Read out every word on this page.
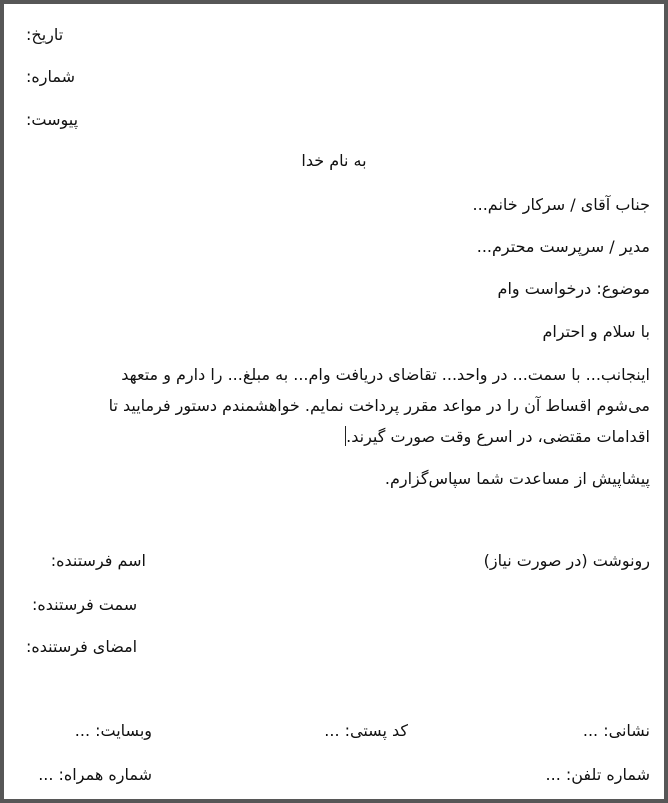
تاریخ:
شماره:
پیوست:
به نام خدا
جناب آقای / سرکار خانم...
مدیر / سرپرست محترم...
موضوع: درخواست وام
با سلام و احترام
اینجانب... با سمت... در واحد... تقاضای دریافت وام... به مبلغ... را دارم و متعهد
می‌شوم اقساط آن را در مواعد مقرر پرداخت نمایم. خواهشمندم دستور فرمایید تا
اقدامات مقتضی، در اسرع وقت صورت گیرند.
پیشاپیش از مساعدت شما سپاس‌گزارم.
رونوشت (در صورت نیاز)
اسم فرستنده:
سمت فرستنده:
امضای فرستنده:
نشانی: ...
کد پستی: ...
وبسایت: ...
شماره تلفن: ...
شماره همراه: ...
